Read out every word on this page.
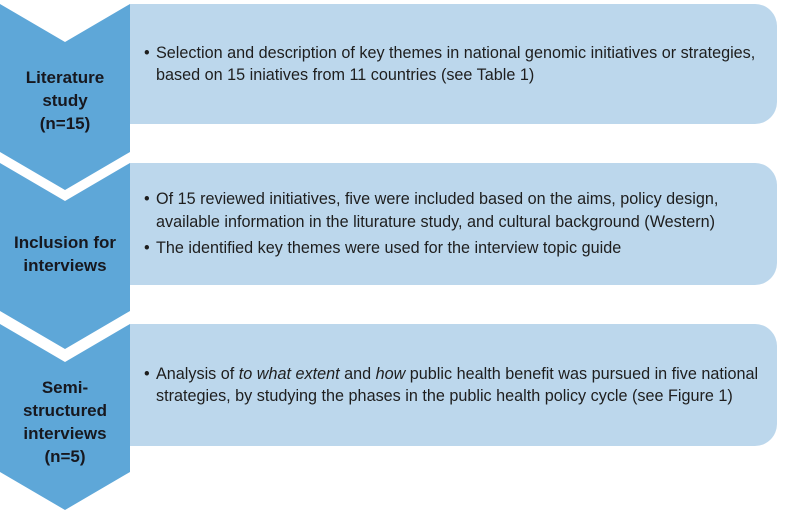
Literature
study
(n=15)
• Selection and description of key themes in national genomic initiatives or strategies, based on 15 iniatives from 11 countries (see Table 1)
Inclusion for
interviews
• Of 15 reviewed initiatives, five were included based on the aims, policy design, available information in the liturature study, and cultural background (Western)
• The identified key themes were used for the interview topic guide
Semi-
structured
interviews
(n=5)
• Analysis of to what extent and how public health benefit was pursued in five national strategies, by studying the phases in the public health policy cycle (see Figure 1)
